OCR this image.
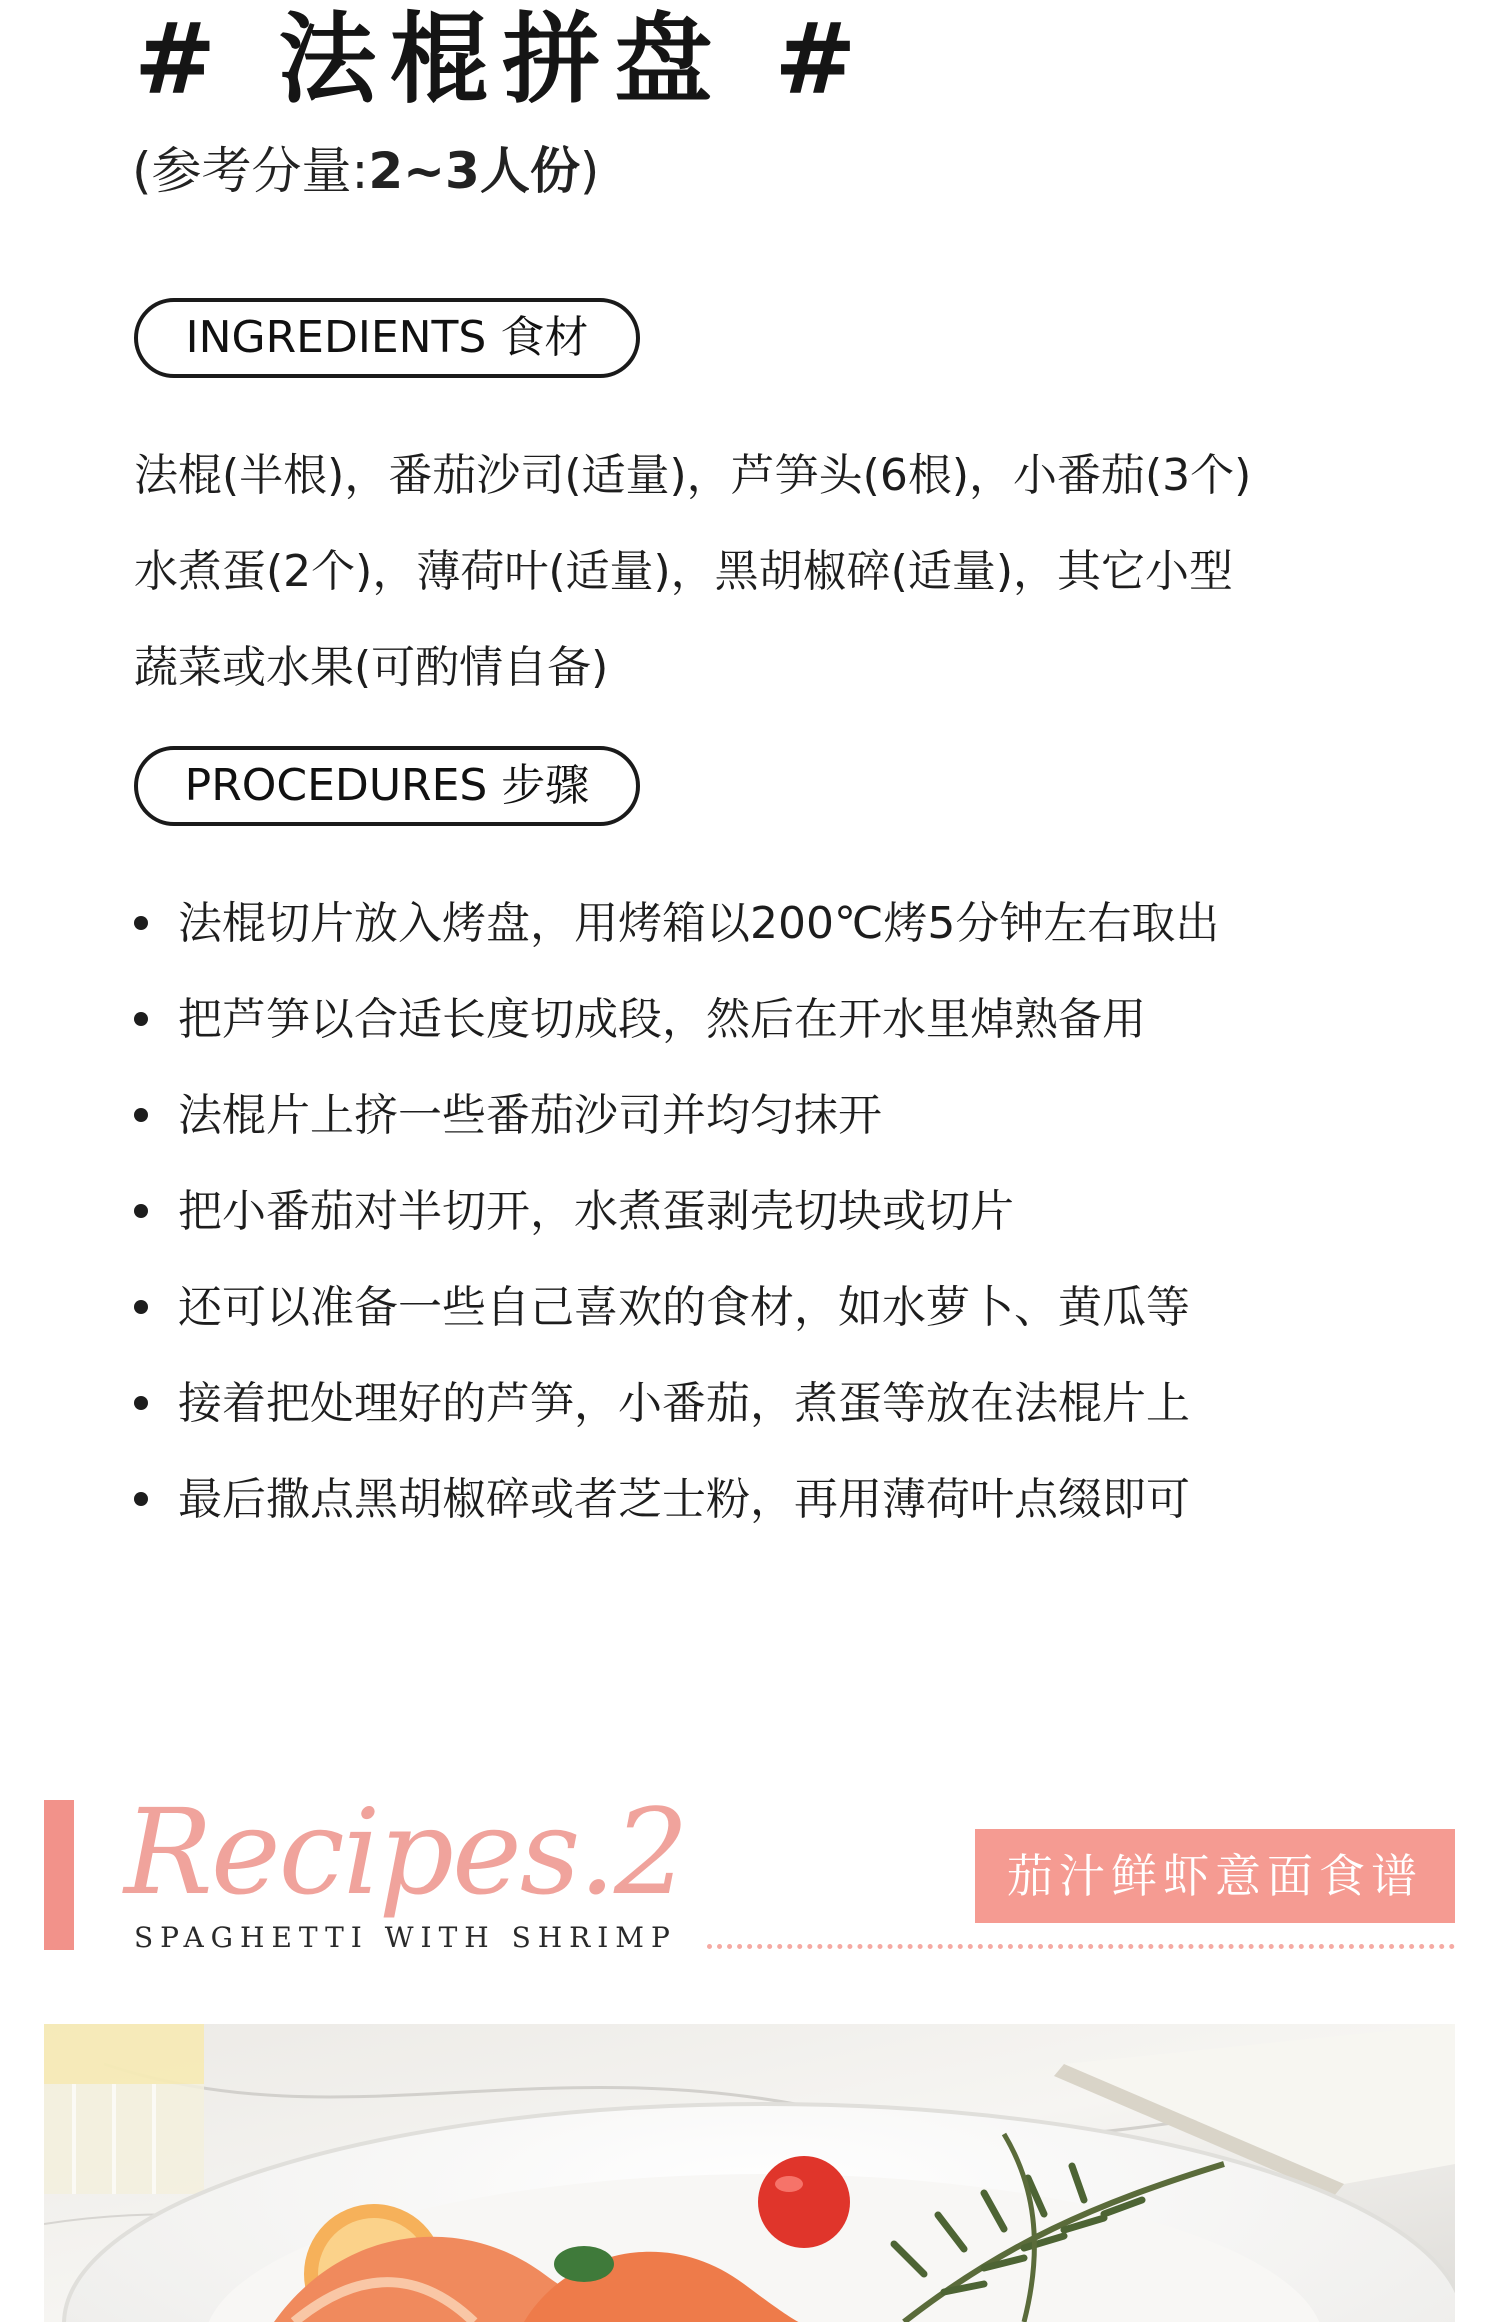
# 法棍拼盘 #
(参考分量:2~3人份)
INGREDIENTS 食材
法棍(半根)，番茄沙司(适量)，芦笋头(6根)，小番茄(3个)
水煮蛋(2个)，薄荷叶(适量)，黑胡椒碎(适量)，其它小型
蔬菜或水果(可酌情自备)
PROCEDURES 步骤
法棍切片放入烤盘，用烤箱以200℃烤5分钟左右取出
把芦笋以合适长度切成段，然后在开水里焯熟备用
法棍片上挤一些番茄沙司并均匀抹开
把小番茄对半切开，水煮蛋剥壳切块或切片
还可以准备一些自己喜欢的食材，如水萝卜、黄瓜等
接着把处理好的芦笋，小番茄，煮蛋等放在法棍片上
最后撒点黑胡椒碎或者芝士粉，再用薄荷叶点缀即可
Recipes.2
SPAGHETTI WITH SHRIMP
茄汁鲜虾意面食谱
